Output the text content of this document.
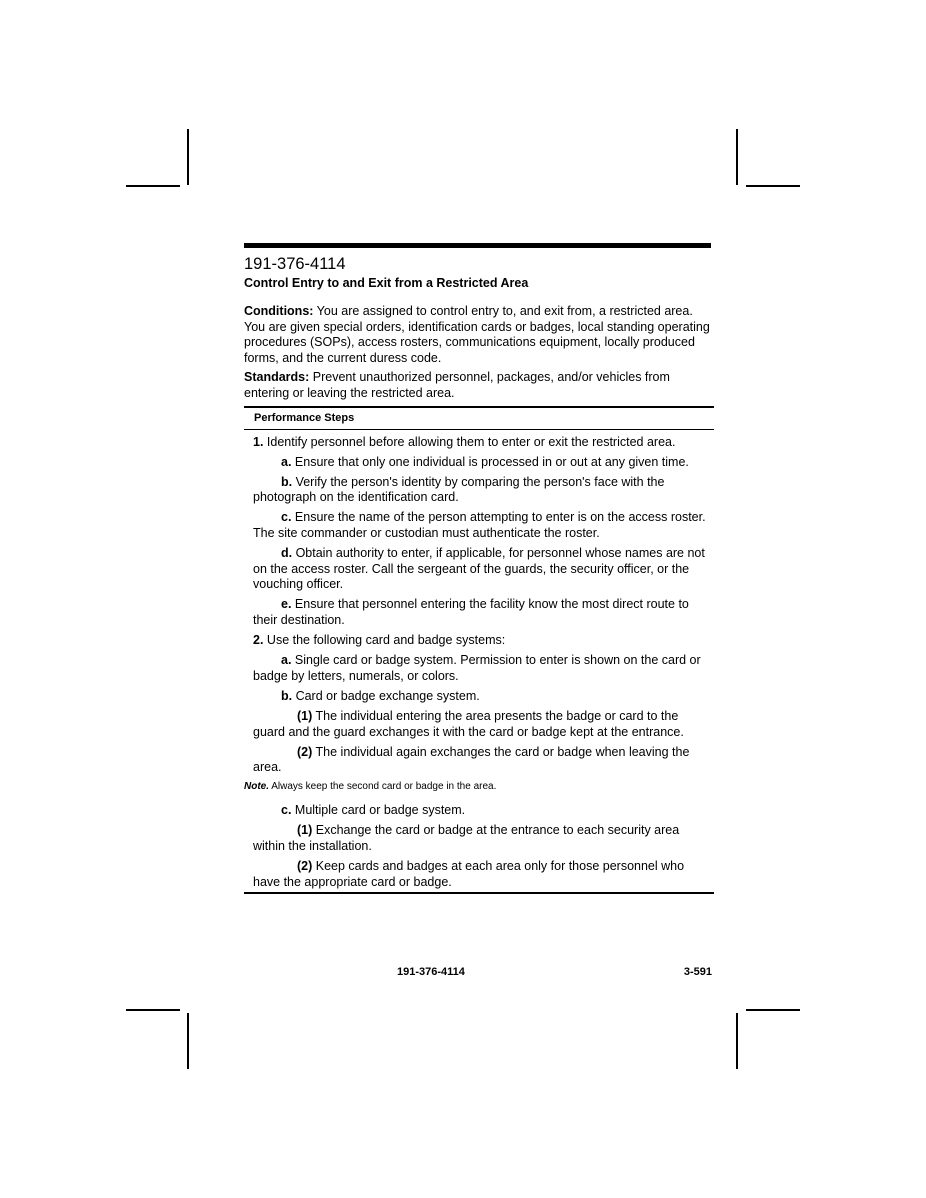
191-376-4114
Control Entry to and Exit from a Restricted Area
Conditions: You are assigned to control entry to, and exit from, a restricted area. You are given special orders, identification cards or badges, local standing operating procedures (SOPs), access rosters, communications equipment, locally produced forms, and the current duress code.
Standards: Prevent unauthorized personnel, packages, and/or vehicles from entering or leaving the restricted area.
Performance Steps
1. Identify personnel before allowing them to enter or exit the restricted area.
a. Ensure that only one individual is processed in or out at any given time.
b. Verify the person's identity by comparing the person's face with the photograph on the identification card.
c. Ensure the name of the person attempting to enter is on the access roster. The site commander or custodian must authenticate the roster.
d. Obtain authority to enter, if applicable, for personnel whose names are not on the access roster. Call the sergeant of the guards, the security officer, or the vouching officer.
e. Ensure that personnel entering the facility know the most direct route to their destination.
2. Use the following card and badge systems:
a. Single card or badge system. Permission to enter is shown on the card or badge by letters, numerals, or colors.
b. Card or badge exchange system.
(1) The individual entering the area presents the badge or card to the guard and the guard exchanges it with the card or badge kept at the entrance.
(2) The individual again exchanges the card or badge when leaving the area.
Note. Always keep the second card or badge in the area.
c. Multiple card or badge system.
(1) Exchange the card or badge at the entrance to each security area within the installation.
(2) Keep cards and badges at each area only for those personnel who have the appropriate card or badge.
191-376-4114	3-591
